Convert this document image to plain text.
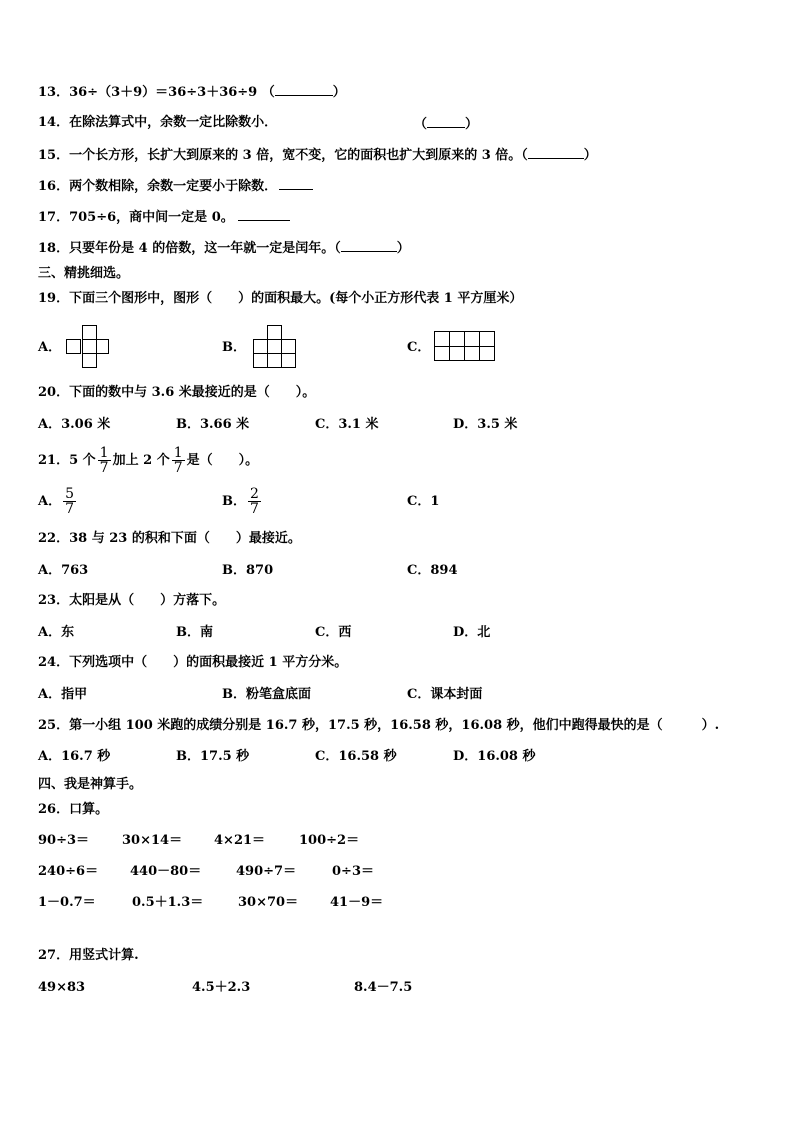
13．36÷（3＋9）＝36÷3＋36÷9 （	）
14．在除法算式中，余数一定比除数小．	（	）
15．一个长方形，长扩大到原来的 3 倍，宽不变，它的面积也扩大到原来的 3 倍。（	）
16．两个数相除，余数一定要小于除数．
17．705÷6，商中间一定是 0。
18．只要年份是 4 的倍数，这一年就一定是闰年。（	）
三、精挑细选。
19．下面三个图形中，图形（　　）的面积最大。(每个小正方形代表 1 平方厘米）
A．	B．	C．
20．下面的数中与 3.6 米最接近的是（　　）。
A．3.06 米	B．3.66 米	C．3.1 米	D．3.5 米
21．5 个 $\frac{1}{7}$ 加上 2 个 $\frac{1}{7}$ 是（　　）。
A． $\frac{5}{7}$	B． $\frac{2}{7}$	C．1
22．38 与 23 的积和下面（　　）最接近。
A．763	B．870	C．894
23．太阳是从（　　）方落下。
A．东	B．南	C．西	D．北
24．下列选项中（　　）的面积最接近 1 平方分米。
A．指甲	B．粉笔盒底面	C．课本封面
25．第一小组 100 米跑的成绩分别是 16.7 秒，17.5 秒，16.58 秒，16.08 秒，他们中跑得最快的是（　　　）.
A．16.7 秒	B．17.5 秒	C．16.58 秒	D．16.08 秒
四、我是神算手。
26．口算。
90÷3＝	30×14＝ 4×21＝	100÷2＝
240÷6＝ 440－80＝	490÷7＝	0÷3＝
1－0.7＝	0.5＋1.3＝	30×70＝ 41－9＝
27．用竖式计算.
49×83	4.5＋2.3	8.4－7.5
